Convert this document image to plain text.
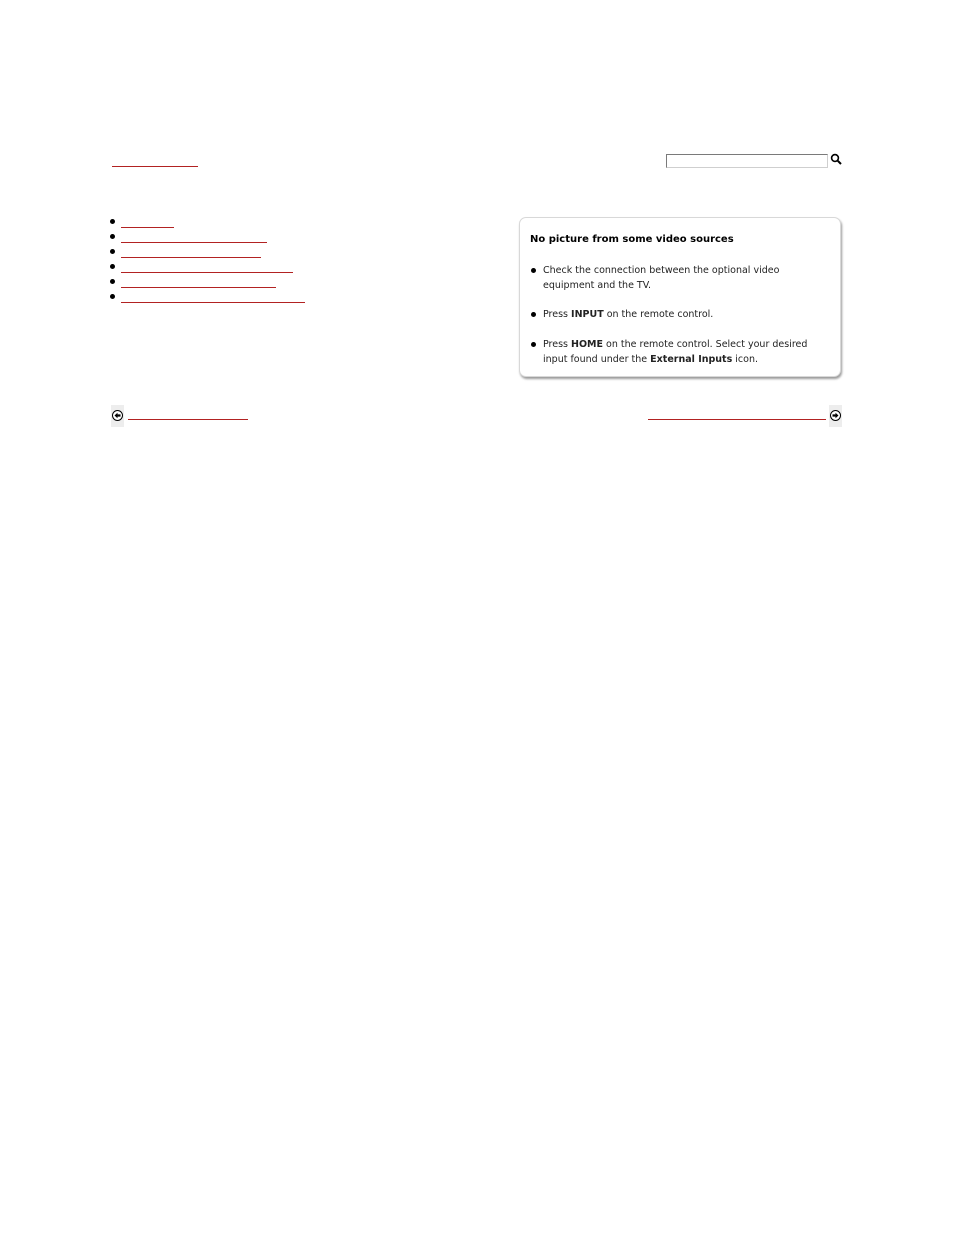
No picture from some video sources
Check the connection between the optional video equipment and the TV.
Press INPUT on the remote control.
Press HOME on the remote control. Select your desired input found under the External Inputs icon.
